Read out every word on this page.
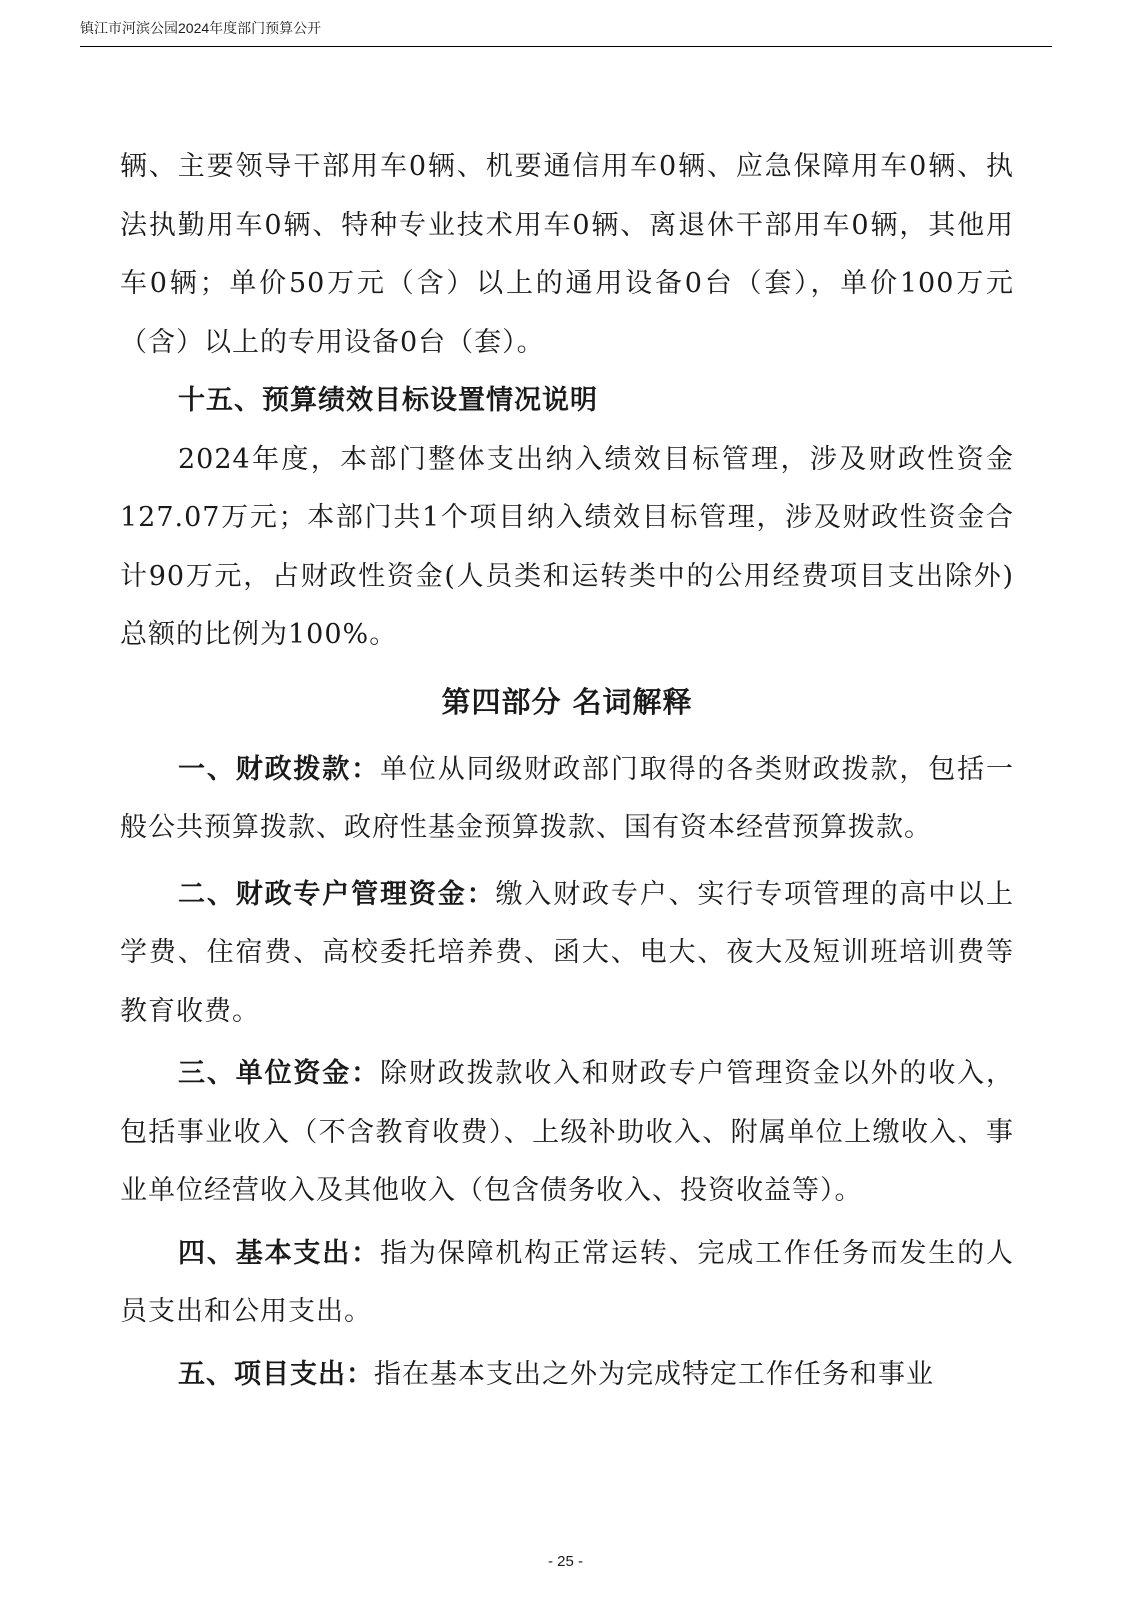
镇江市河滨公园2024年度部门预算公开

辆、主要领导干部用车0辆、机要通信用车0辆、应急保障用车0辆、执法执勤用车0辆、特种专业技术用车0辆、离退休干部用车0辆，其他用车0辆；单价50万元（含）以上的通用设备0台（套），单价100万元（含）以上的专用设备0台（套）。

十五、预算绩效目标设置情况说明

2024年度，本部门整体支出纳入绩效目标管理，涉及财政性资金127.07万元；本部门共1个项目纳入绩效目标管理，涉及财政性资金合计90万元，占财政性资金(人员类和运转类中的公用经费项目支出除外)总额的比例为100%。

第四部分 名词解释

一、财政拨款：单位从同级财政部门取得的各类财政拨款，包括一般公共预算拨款、政府性基金预算拨款、国有资本经营预算拨款。

二、财政专户管理资金：缴入财政专户、实行专项管理的高中以上学费、住宿费、高校委托培养费、函大、电大、夜大及短训班培训费等教育收费。

三、单位资金：除财政拨款收入和财政专户管理资金以外的收入，包括事业收入（不含教育收费）、上级补助收入、附属单位上缴收入、事业单位经营收入及其他收入（包含债务收入、投资收益等）。

四、基本支出：指为保障机构正常运转、完成工作任务而发生的人员支出和公用支出。

五、项目支出：指在基本支出之外为完成特定工作任务和事业

- 25 -
